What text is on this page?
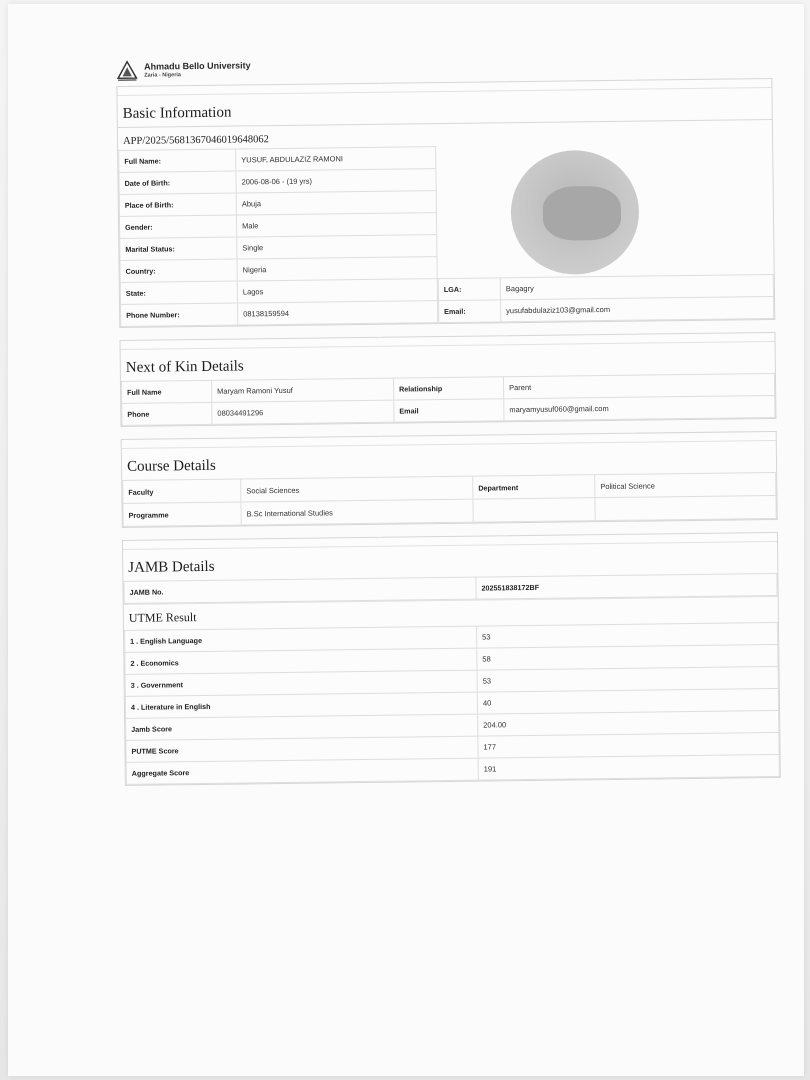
Ahmadu Bello University
Zaria - Nigeria
Basic Information
APP/2025/5681367046019648062
Full Name:	YUSUF, ABDULAZIZ RAMONI
Date of Birth:	2006-08-06 - (19 yrs)
Place of Birth:	Abuja
Gender:	Male
Marital Status:	Single
Country:	Nigeria
State:	Lagos
Phone Number:	08138159594
LGA:	Bagagry
Email:	yusufabdulaziz103@gmail.com
Next of Kin Details
Full Name	Maryam Ramoni Yusuf	Relationship	Parent
Phone	08034491296	Email	maryamyusuf060@gmail.com
Course Details
Faculty	Social Sciences	Department	Political Science
Programme	B.Sc International Studies		
JAMB Details
JAMB No.	202551838172BF
UTME Result
1 . English Language	53
2 . Economics	58
3 . Government	53
4 . Literature in English	40
Jamb Score	204.00
PUTME Score	177
Aggregate Score	191
